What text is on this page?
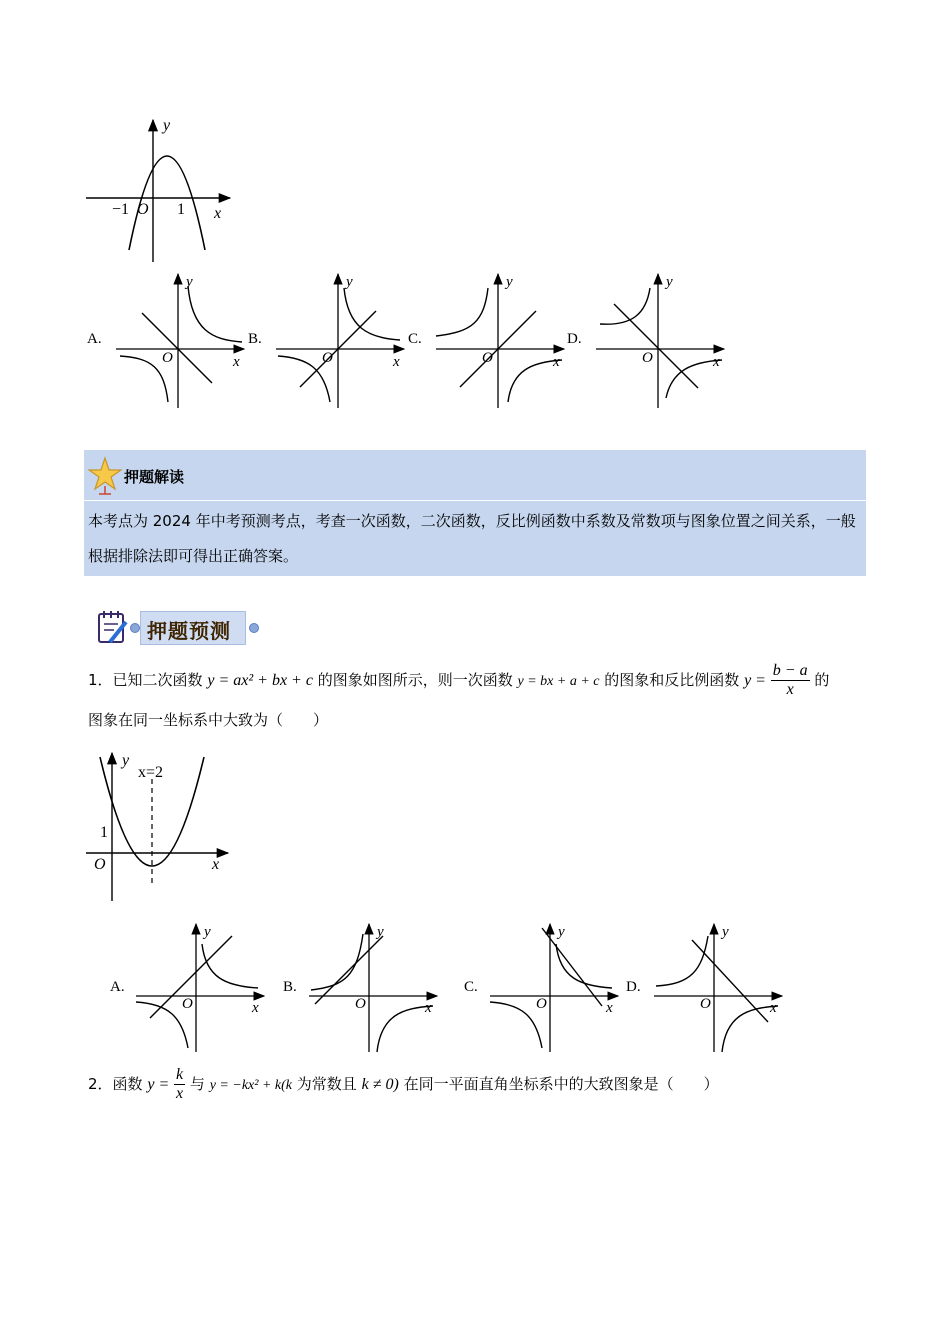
y
x
O
−1	1
A.	B.	C.	D.
y
x
O
y
x
O
y
x
O
y
x
O
押题解读
本考点为 2024 年中考预测考点，考查一次函数，二次函数，反比例函数中系数及常数项与图象位置之间关系，一般根据排除法即可得出正确答案。
押题预测
1．已知二次函数 y = ax² + bx + c 的图象如图所示，则一次函数 y = bx + a + c 的图象和反比例函数 $y = \frac{b - a}{x}$ 的
图象在同一坐标系中大致为（　　）
y
x
O
1
x=2
A.	B.	C.	D.
y
x
O
y
x
O
y
x
O
y
x
O
2．函数 $y = \frac{k}{x}$ 与 y = −kx² + k(k 为常数且 k ≠ 0) 在同一平面直角坐标系中的大致图象是（　　）
